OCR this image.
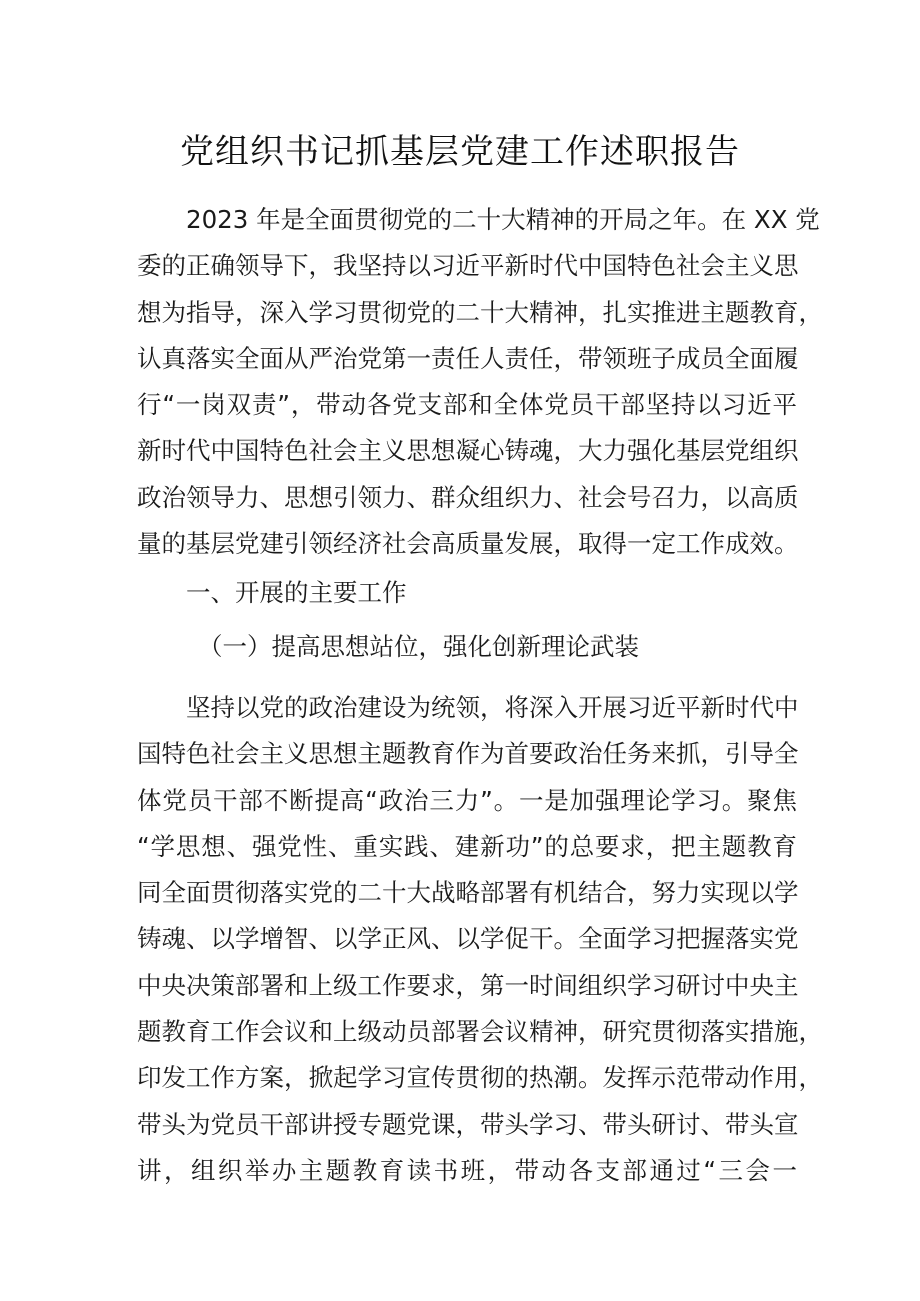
党组织书记抓基层党建工作述职报告
2023 年是全面贯彻党的二十大精神的开局之年。在 XX 党
委的正确领导下，我坚持以习近平新时代中国特色社会主义思
想为指导，深入学习贯彻党的二十大精神，扎实推进主题教育，
认真落实全面从严治党第一责任人责任，带领班子成员全面履
行“一岗双责”，带动各党支部和全体党员干部坚持以习近平
新时代中国特色社会主义思想凝心铸魂，大力强化基层党组织
政治领导力、思想引领力、群众组织力、社会号召力，以高质
量的基层党建引领经济社会高质量发展，取得一定工作成效。
一、开展的主要工作
（一）提高思想站位，强化创新理论武装
坚持以党的政治建设为统领，将深入开展习近平新时代中
国特色社会主义思想主题教育作为首要政治任务来抓，引导全
体党员干部不断提高“政治三力”。一是加强理论学习。聚焦
“学思想、强党性、重实践、建新功”的总要求，把主题教育
同全面贯彻落实党的二十大战略部署有机结合，努力实现以学
铸魂、以学增智、以学正风、以学促干。全面学习把握落实党
中央决策部署和上级工作要求，第一时间组织学习研讨中央主
题教育工作会议和上级动员部署会议精神，研究贯彻落实措施，
印发工作方案，掀起学习宣传贯彻的热潮。发挥示范带动作用，
带头为党员干部讲授专题党课，带头学习、带头研讨、带头宣
讲，组织举办主题教育读书班，带动各支部通过“三会一
